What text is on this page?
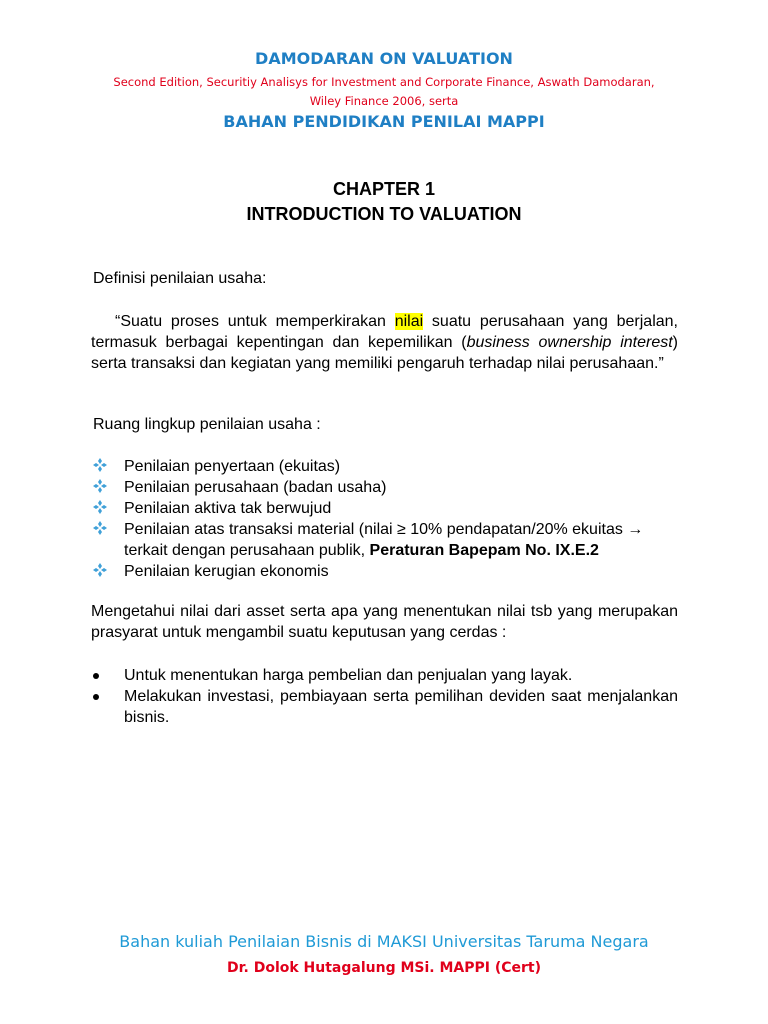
DAMODARAN ON VALUATION
Second Edition, Securitiy Analisys for Investment and Corporate Finance, Aswath Damodaran,
Wiley Finance 2006, serta
BAHAN PENDIDIKAN PENILAI MAPPI
CHAPTER 1
INTRODUCTION TO VALUATION
Definisi penilaian usaha:
“Suatu proses untuk memperkirakan nilai suatu perusahaan yang berjalan, termasuk berbagai kepentingan dan kepemilikan (business ownership interest) serta transaksi dan kegiatan yang memiliki pengaruh terhadap nilai perusahaan.”
Ruang lingkup penilaian usaha :
Penilaian penyertaan (ekuitas)
Penilaian perusahaan (badan usaha)
Penilaian aktiva tak berwujud
Penilaian atas transaksi material (nilai ≥ 10% pendapatan/20% ekuitas → terkait dengan perusahaan publik, Peraturan Bapepam No. IX.E.2
Penilaian kerugian ekonomis
Mengetahui nilai dari asset serta apa yang menentukan nilai tsb yang merupakan prasyarat untuk mengambil suatu keputusan yang cerdas :
Untuk menentukan harga pembelian dan penjualan yang layak.
Melakukan investasi, pembiayaan serta pemilihan deviden saat menjalankan bisnis.
Bahan kuliah Penilaian Bisnis di MAKSI Universitas Taruma Negara
Dr. Dolok Hutagalung MSi. MAPPI (Cert)
